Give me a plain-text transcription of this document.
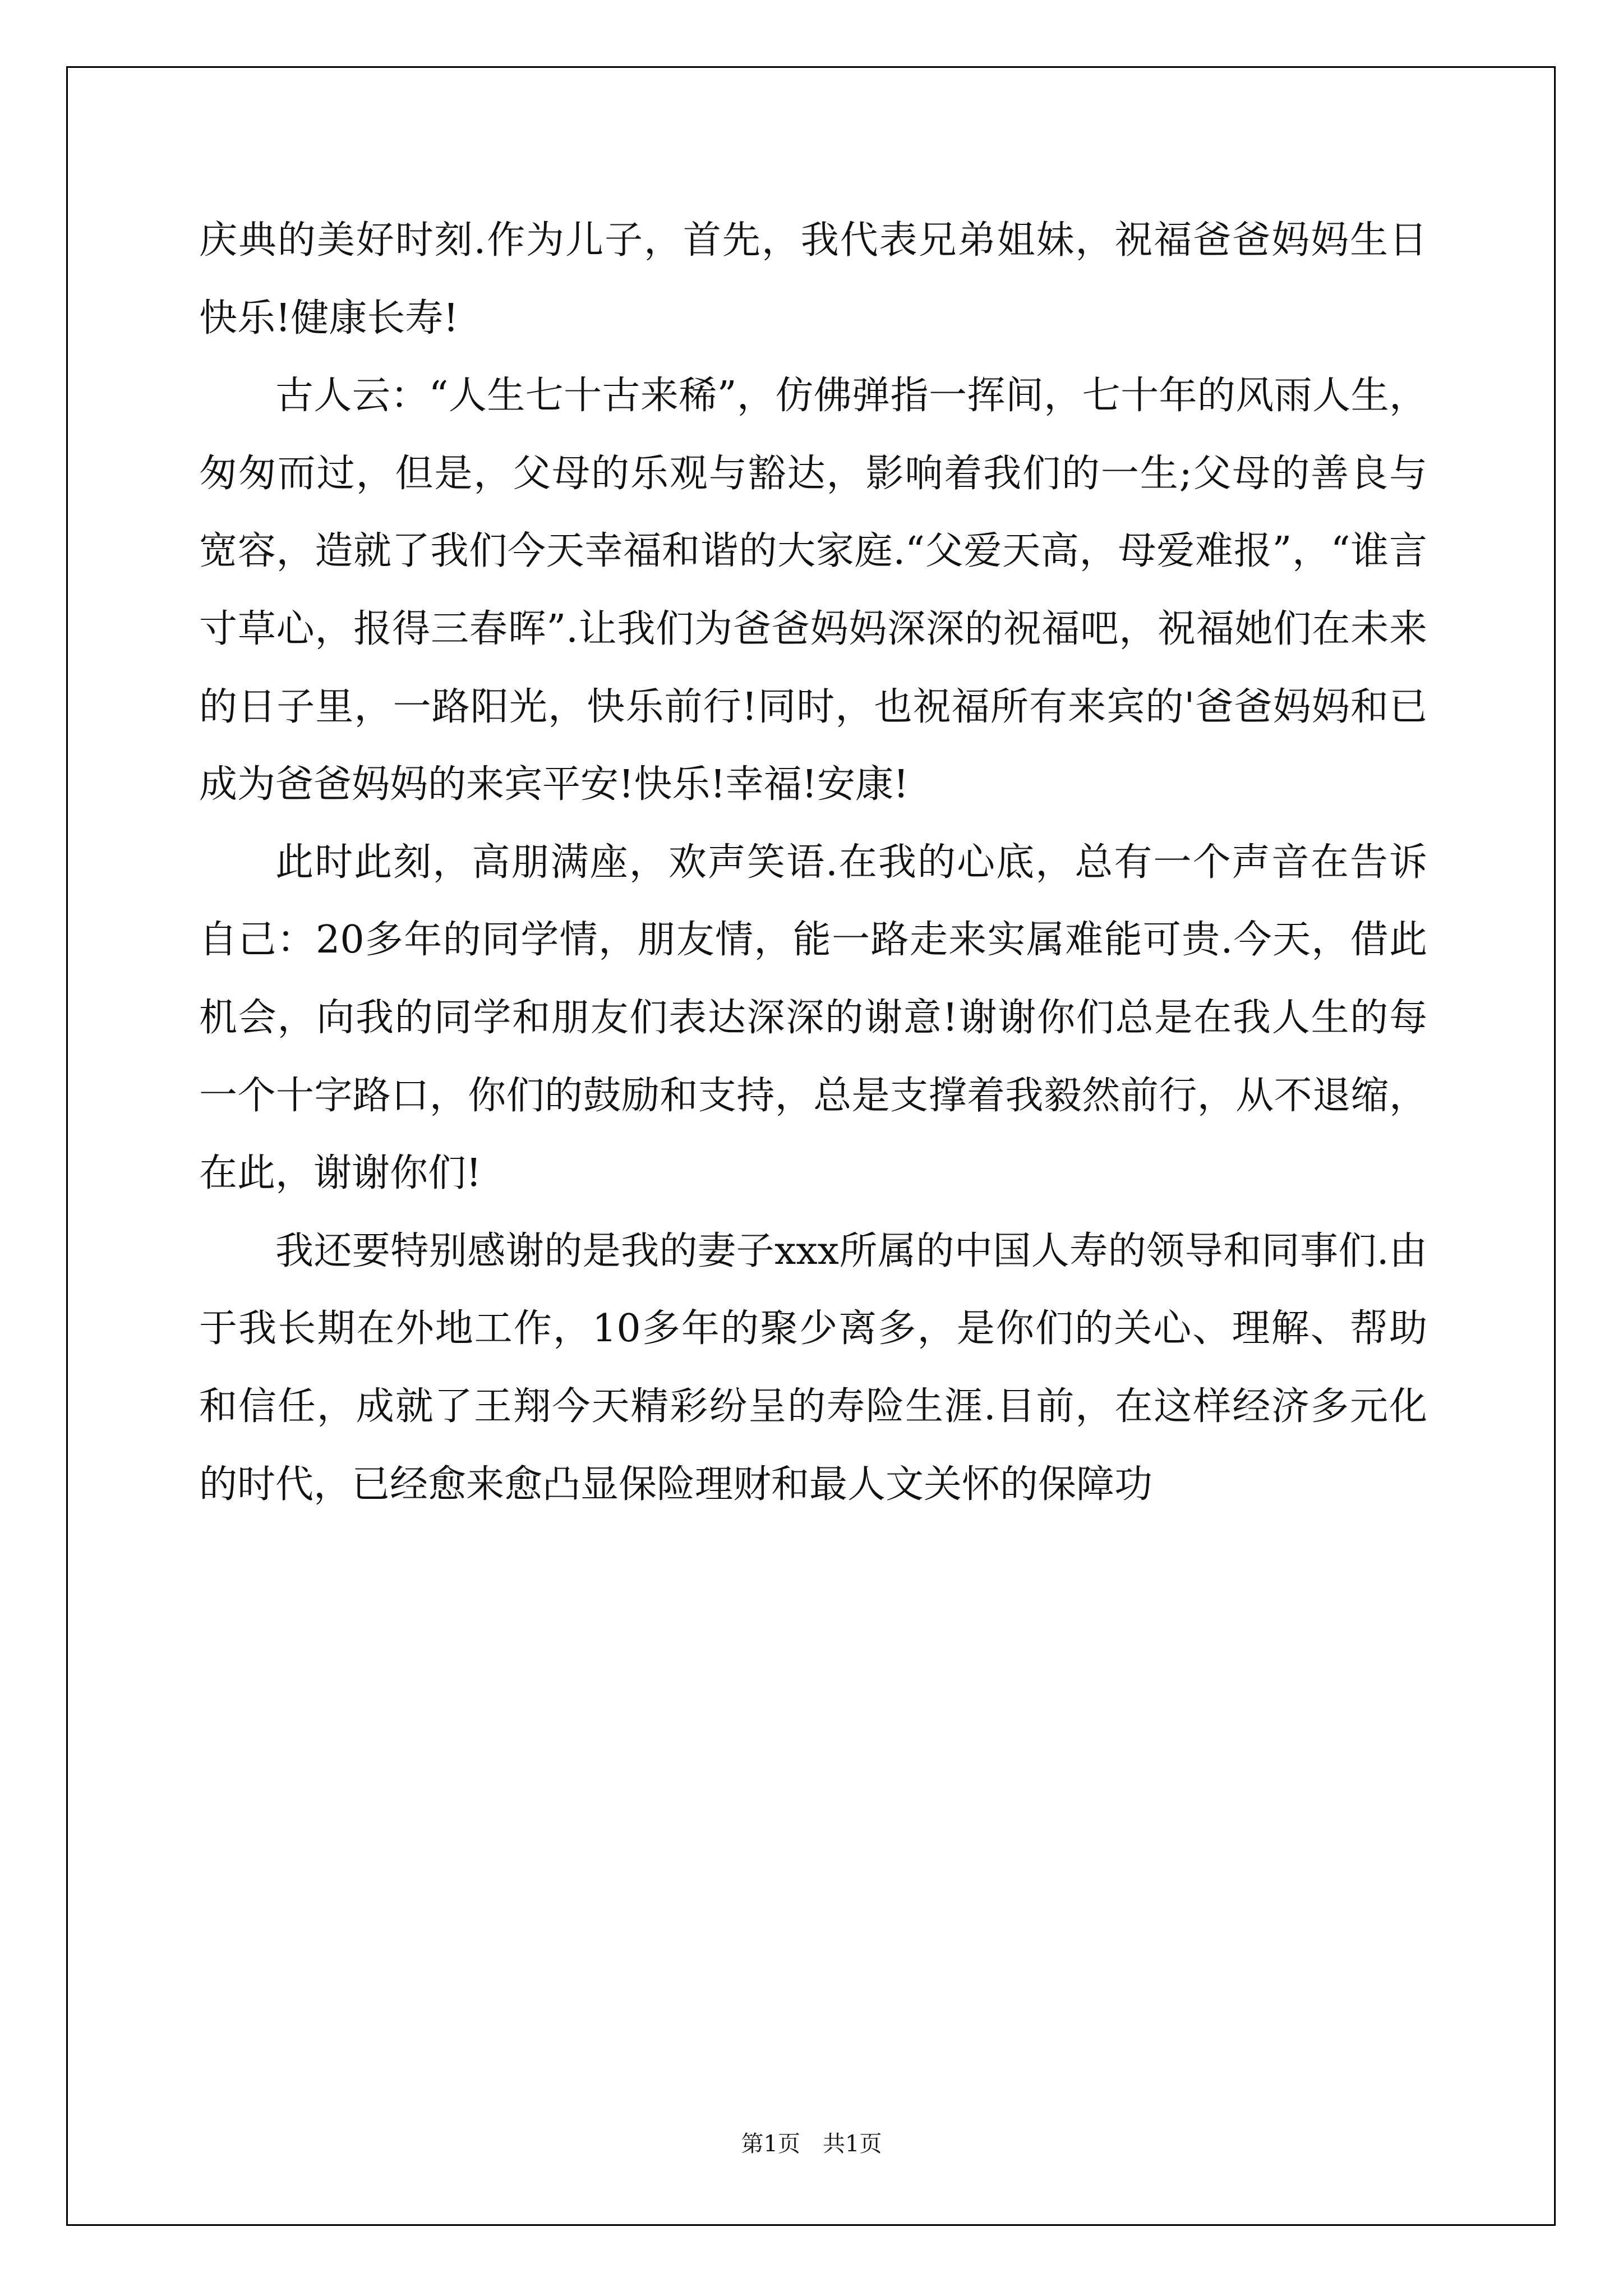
庆典的美好时刻.作为儿子，首先，我代表兄弟姐妹，祝福爸爸妈妈生日快乐!健康长寿!

古人云：“人生七十古来稀”，仿佛弹指一挥间，七十年的风雨人生，匆匆而过，但是，父母的乐观与豁达，影响着我们的一生;父母的善良与宽容，造就了我们今天幸福和谐的大家庭.“父爱天高，母爱难报”，“谁言寸草心，报得三春晖”.让我们为爸爸妈妈深深的祝福吧，祝福她们在未来的日子里，一路阳光，快乐前行!同时，也祝福所有来宾的'爸爸妈妈和已成为爸爸妈妈的来宾平安!快乐!幸福!安康!

此时此刻，高朋满座，欢声笑语.在我的心底，总有一个声音在告诉自己：20多年的同学情，朋友情，能一路走来实属难能可贵.今天，借此机会，向我的同学和朋友们表达深深的谢意!谢谢你们总是在我人生的每一个十字路口，你们的鼓励和支持，总是支撑着我毅然前行，从不退缩，在此，谢谢你们!

我还要特别感谢的是我的妻子xxx所属的中国人寿的领导和同事们.由于我长期在外地工作，10多年的聚少离多，是你们的关心、理解、帮助和信任，成就了王翔今天精彩纷呈的寿险生涯.目前，在这样经济多元化的时代，已经愈来愈凸显保险理财和最人文关怀的保障功

第1页　共1页
